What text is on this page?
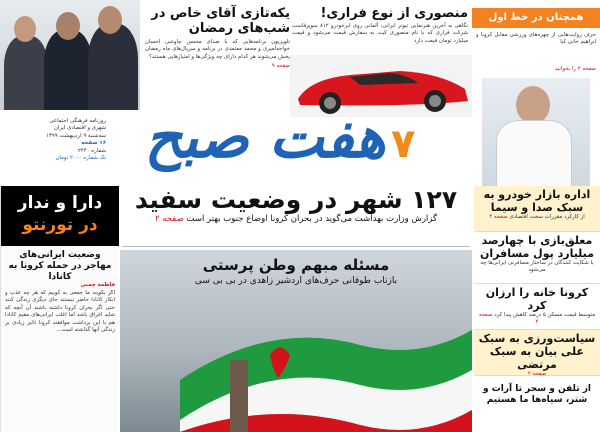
یکه‌تازی آقای خاص در شب‌های رمضان
تلویزیون برنامه‌هایی که با صدای محسن چاوشی احسان خواجه‌امیری و محمد معتمدی در برنامه و سریال‌های ماه رمضان پخش می‌شوند هر کدام دارای چه ویژگی‌ها و امتیازهایی هستند؟
صفحه ۹
منصوری از نوع فراری!
نگاهی به آخرین هنرنمایی تیونر ایرانی، آلمانی روی ابرخودرو ۸۱۲ سوپرفاست شرکت فراری که با نام منصوری کیت به سفارش قیمت می‌شود و قیمت مبلیارد تومان قیمت دارد
همچنان در خط اول
حرف روایت‌هایی از چهره‌های ورزشی مقابل کرونا و ابراهیم خانی کبا
صفحه ۴ را بخوانید
۷ هفت صبح
روزنامه فرهنگی اجتماعی
شهری و اقتصادی ایران
سه‌شنبه ۹ اردیبهشت ۱۳۹۹
۱۶ صفحه
شماره ۲۴۴۰
تک شماره ۲۰۰۰ تومان
دارا و ندار
در تورنتو
وضعیت ایرانی‌های مهاجر در حمله کرونا به کانادا
فاطمه چمنی
اگر بگویند ما جمعی به کوبیم که هر چه عذب و انکار کانادا حاضر نیستند جای دیگری زندگی کنند حتی اگر بحران کرونا داشته باشند آن آنچه که شاید اغراق باشد اما اغلب ایرانی‌های مقیم کانادا هم با این برداشت موافقند کرونا تاثیر زیادی بر زندگی آنها گذاشته است...
۱۲۷ شهر در وضعیت سفید
گزارش وزارت بهداشت می‌گوید در بحران کرونا اوضاع جنوب بهتر است صفحه ۲
مسئله مبهم وطن پرستی
بازتاب طوفانی حرف‌های اردشیر زاهدی در بی بی سی
اداره بازار خودرو به سبک صدا و سیما
از کارکرد مقررات سخت اقتصادی صفحه ۴
معلق‌بازی با چهارصد میلیارد پول مسافران
با شکایت کنندگان در ساختار مسافرتی ایرانی‌ها چه می‌شود
کرونا خانه را ارزان کرد
متوسط قیمت مسکن ۵ درصد کاهش پیدا کرد صفحه ۴
سیاست‌ورزی به سبک علی بیان به سبک مرتضی
صفحه ۲
از تلفن و سحر تا آرات و شتر، سیاه‌ها ما هستیم
